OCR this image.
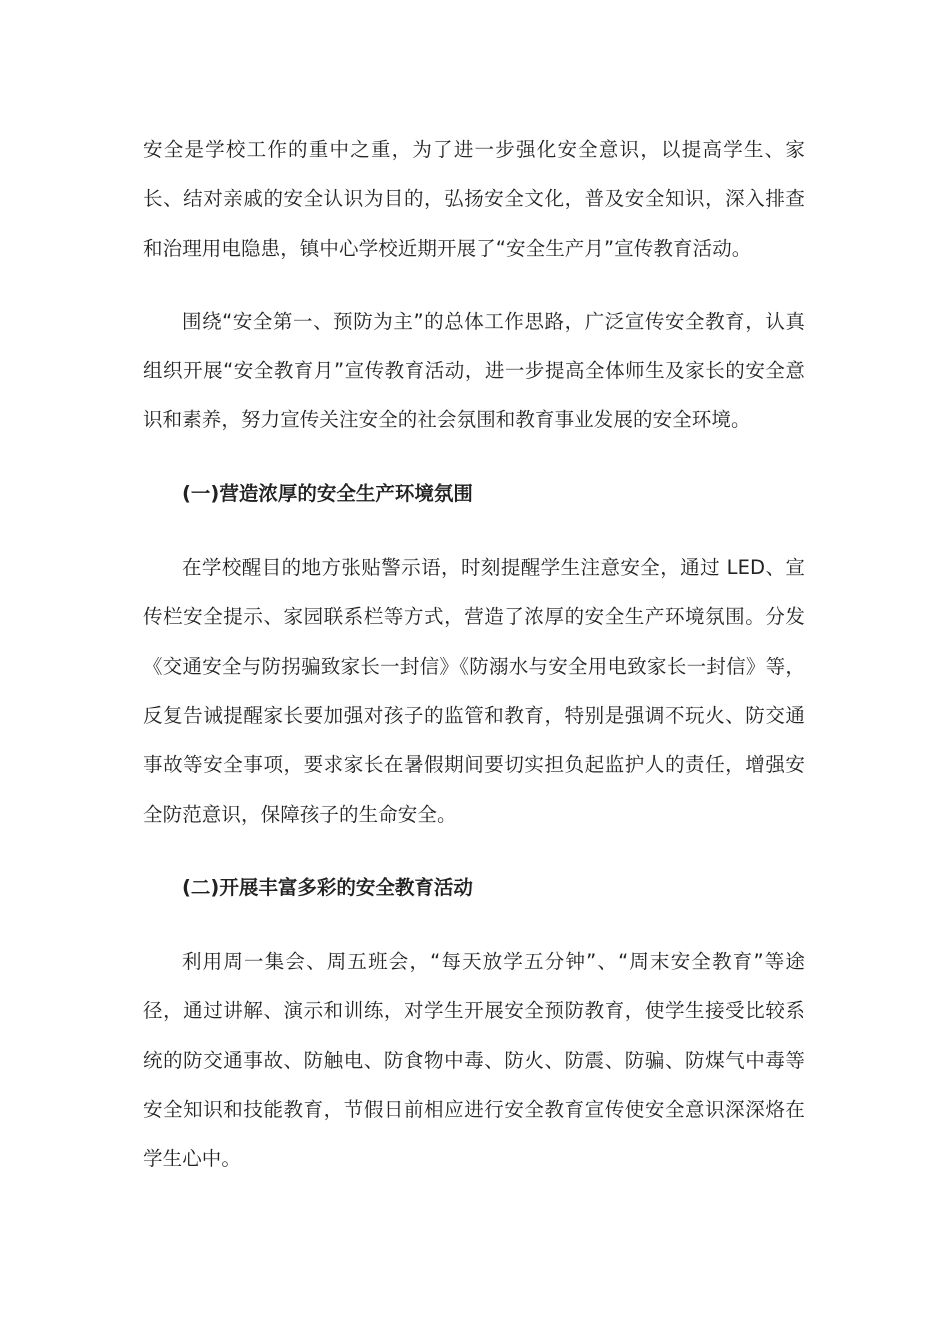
安全是学校工作的重中之重，为了进一步强化安全意识，以提高学生、家长、结对亲戚的安全认识为目的，弘扬安全文化，普及安全知识，深入排查和治理用电隐患，镇中心学校近期开展了“安全生产月”宣传教育活动。

围绕“安全第一、预防为主”的总体工作思路，广泛宣传安全教育，认真组织开展“安全教育月”宣传教育活动，进一步提高全体师生及家长的安全意识和素养，努力宣传关注安全的社会氛围和教育事业发展的安全环境。

(一)营造浓厚的安全生产环境氛围

在学校醒目的地方张贴警示语，时刻提醒学生注意安全，通过 LED、宣传栏安全提示、家园联系栏等方式，营造了浓厚的安全生产环境氛围。分发《交通安全与防拐骗致家长一封信》《防溺水与安全用电致家长一封信》等，反复告诫提醒家长要加强对孩子的监管和教育，特别是强调不玩火、防交通事故等安全事项，要求家长在暑假期间要切实担负起监护人的责任，增强安全防范意识，保障孩子的生命安全。

(二)开展丰富多彩的安全教育活动

利用周一集会、周五班会，“每天放学五分钟”、“周末安全教育”等途径，通过讲解、演示和训练，对学生开展安全预防教育，使学生接受比较系统的防交通事故、防触电、防食物中毒、防火、防震、防骗、防煤气中毒等安全知识和技能教育，节假日前相应进行安全教育宣传使安全意识深深烙在学生心中。
